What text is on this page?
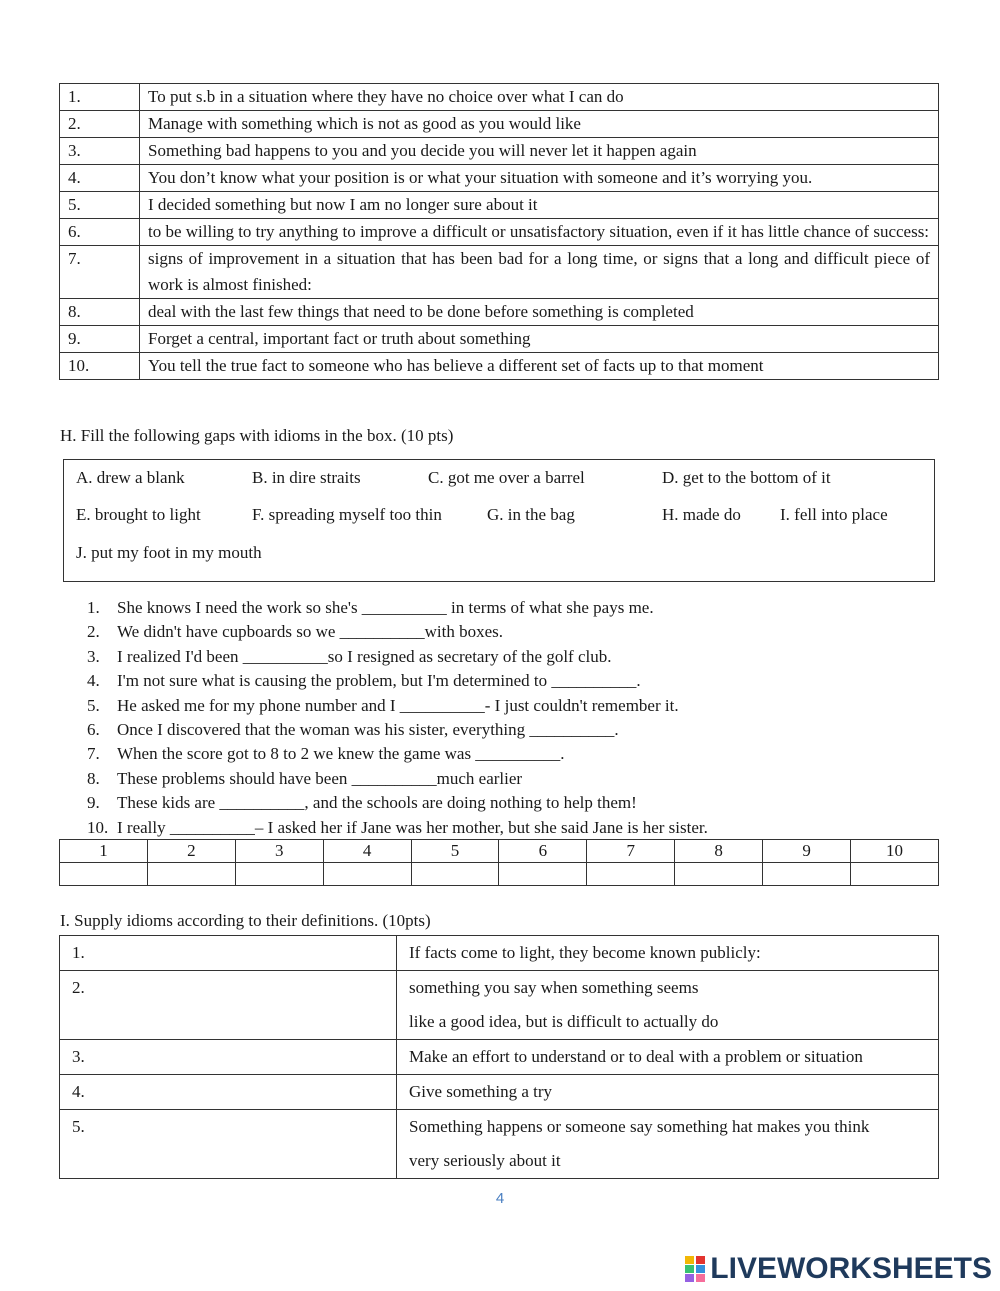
1.	To put s.b in a situation where they have no choice over what I can do
2.	Manage with something which is not as good as you would like
3.	Something bad happens to you and you decide you will never let it happen again
4.	You don’t know what your position is or what your situation with someone and it’s worrying you.
5.	I decided something but now I am no longer sure about it
6.	to be willing to try anything to improve a difficult or unsatisfactory situation, even if it has little chance of success:
7.	signs of improvement in a situation that has been bad for a long time, or signs that a long and difficult piece of work is almost finished:
8.	deal with the last few things that need to be done before something is completed
9.	Forget a central, important fact or truth about something
10.	You tell the true fact to someone who has believe a different set of facts up to that moment
H. Fill the following gaps with idioms in the box. (10 pts)
A. drew a blank	B. in dire straits	C. got me over a barrel	D. get to the bottom of it
E. brought to light	F. spreading myself too thin	G. in the bag	H. made do I. fell into place
J. put my foot in my mouth
1. She knows I need the work so she's __________ in terms of what she pays me.
2. We didn't have cupboards so we __________with boxes.
3. I realized I'd been __________so I resigned as secretary of the golf club.
4. I'm not sure what is causing the problem, but I'm determined to __________.
5. He asked me for my phone number and I __________- I just couldn't remember it.
6. Once I discovered that the woman was his sister, everything __________.
7. When the score got to 8 to 2 we knew the game was __________.
8. These problems should have been __________much earlier
9. These kids are __________, and the schools are doing nothing to help them!
10. I really __________– I asked her if Jane was her mother, but she said Jane is her sister.
1	2	3	4	5	6	7	8	9	10

I. Supply idioms according to their definitions. (10pts)
1.	If facts come to light, they become known publicly:

2.	something you say when something seems
like a good idea, but is difficult to actually do

3.	Make an effort to understand or to deal with a problem or situation

4.	Give something a try

5.	Something happens or someone say something hat makes you think
very seriously about it
4
LIVEWORKSHEETS
